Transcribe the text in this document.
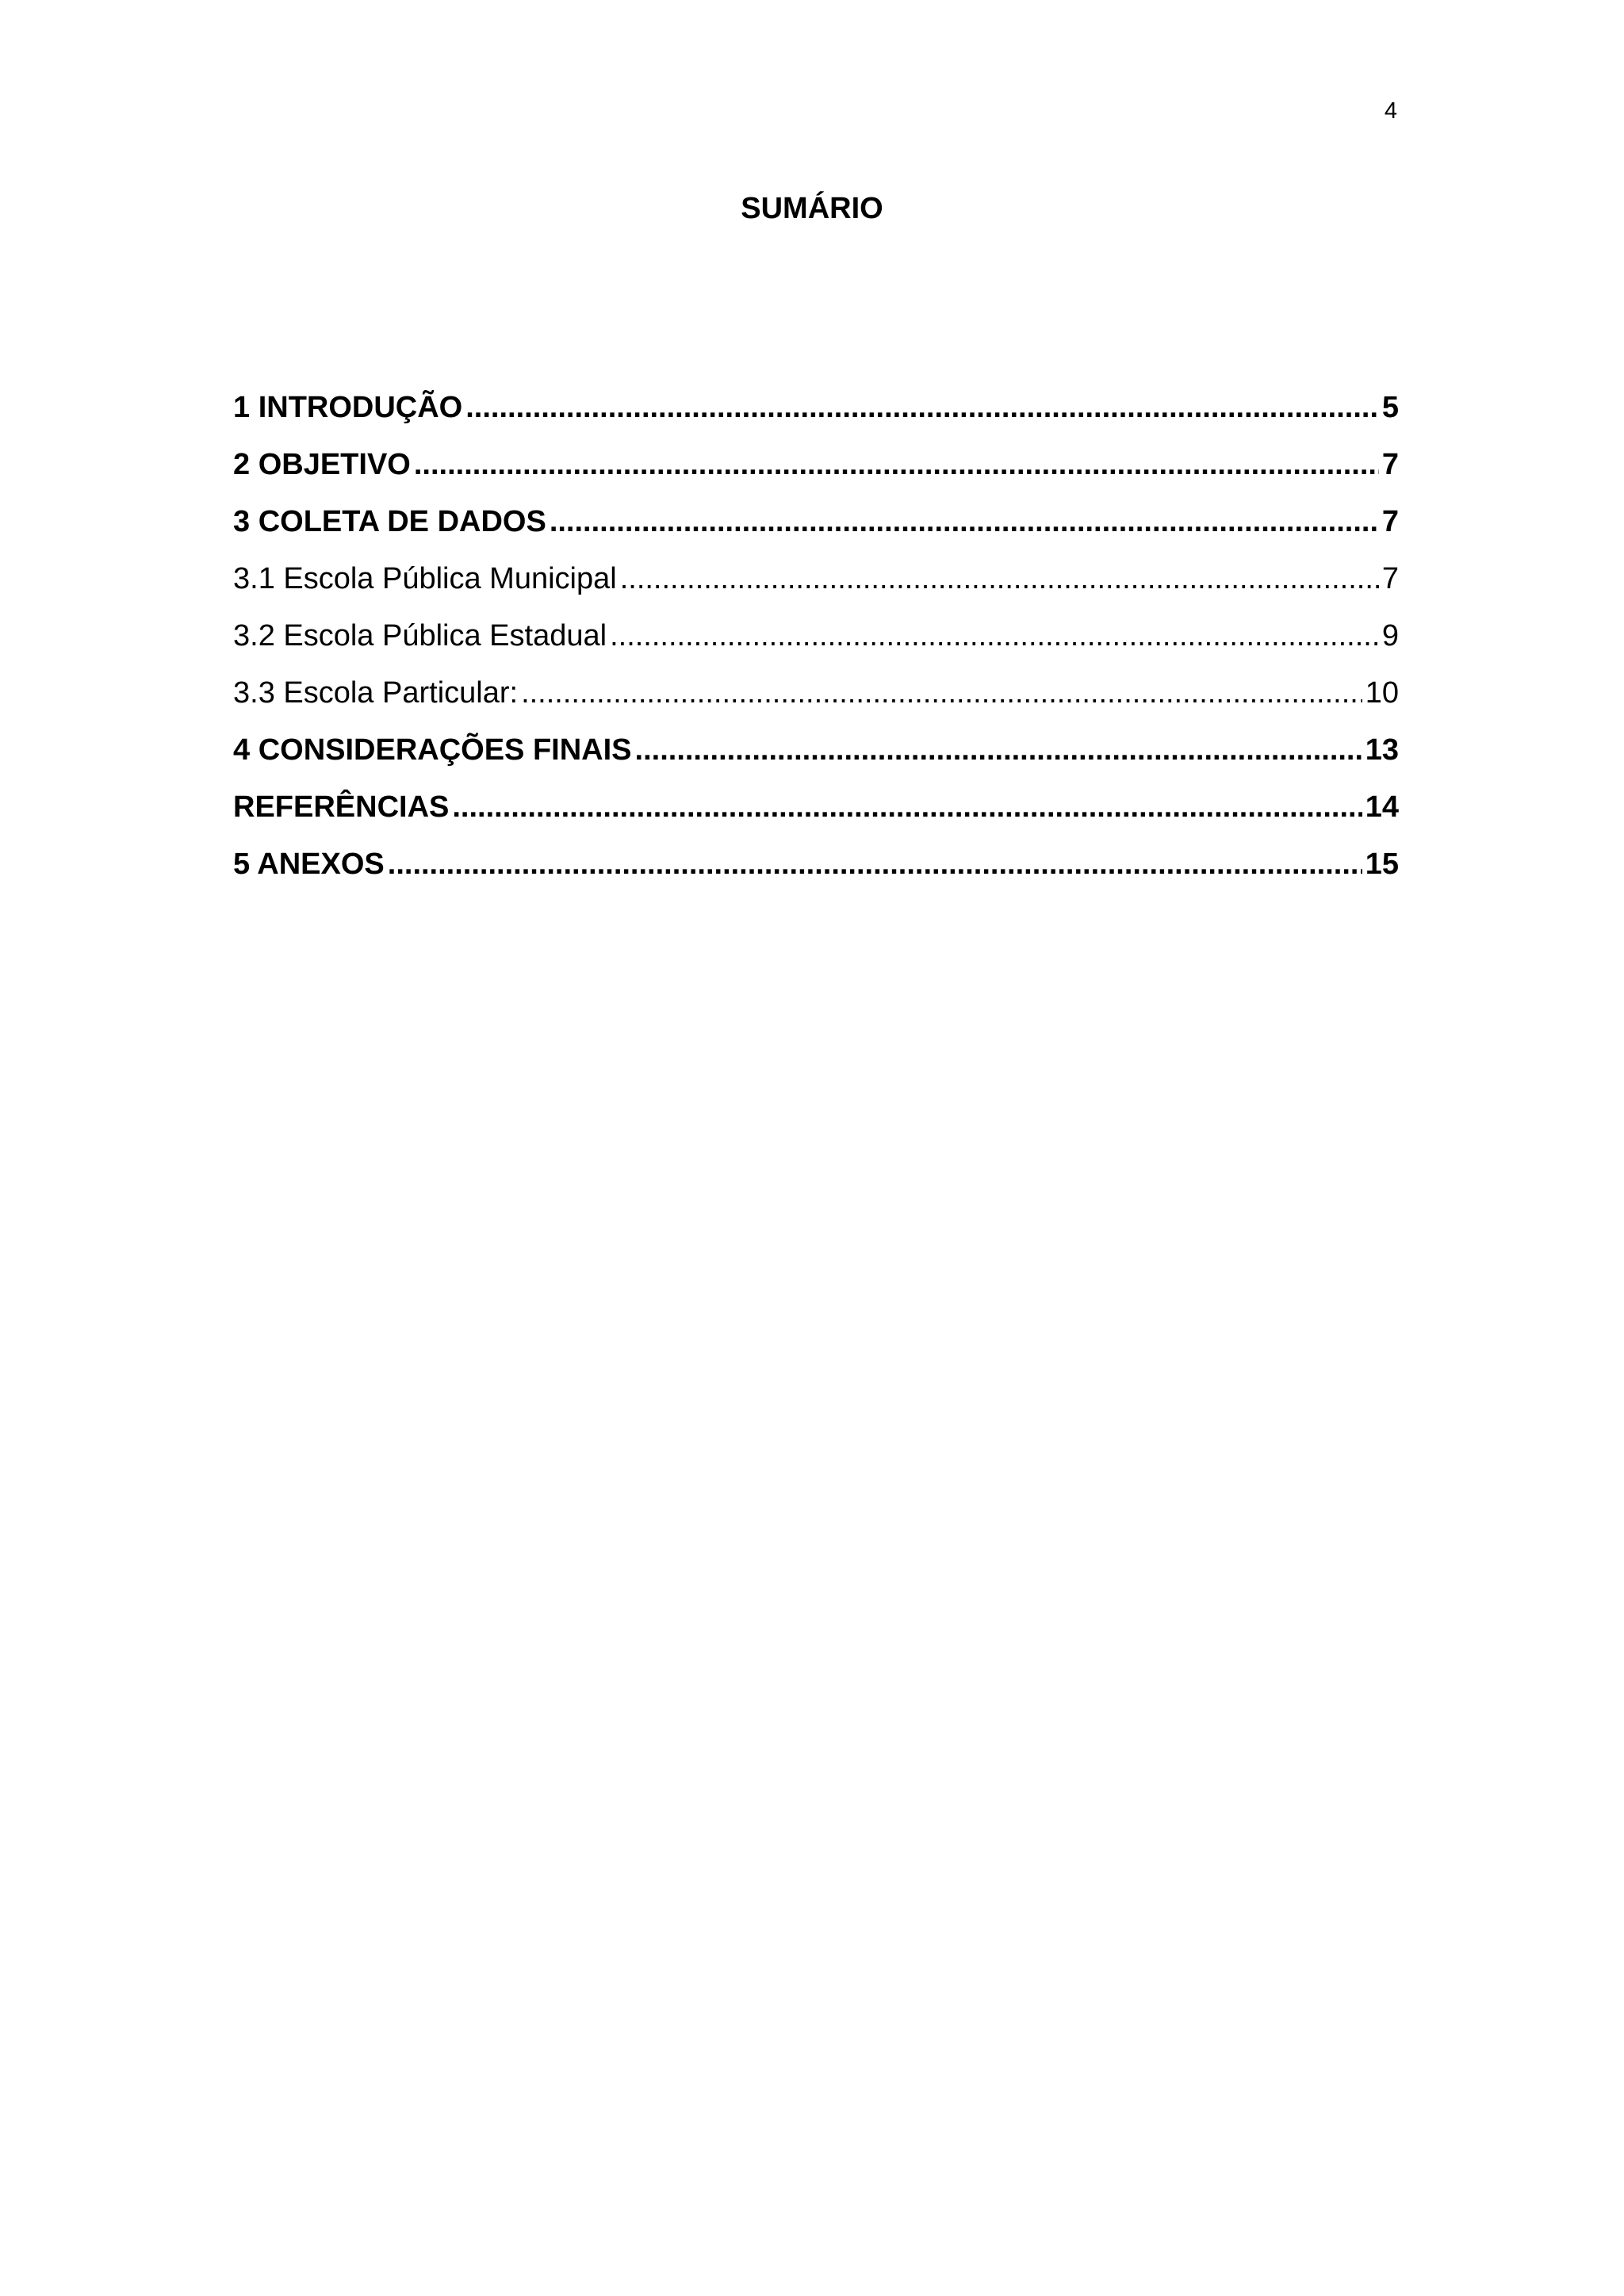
4
SUMÁRIO
1 INTRODUÇÃO .....	5
2 OBJETIVO .....	7
3 COLETA DE DADOS .....	7
3.1 Escola Pública Municipal .....	7
3.2 Escola Pública Estadual .....	9
3.3 Escola Particular: .....	10
4 CONSIDERAÇÕES FINAIS .....	13
REFERÊNCIAS .....	14
5 ANEXOS .....	15
